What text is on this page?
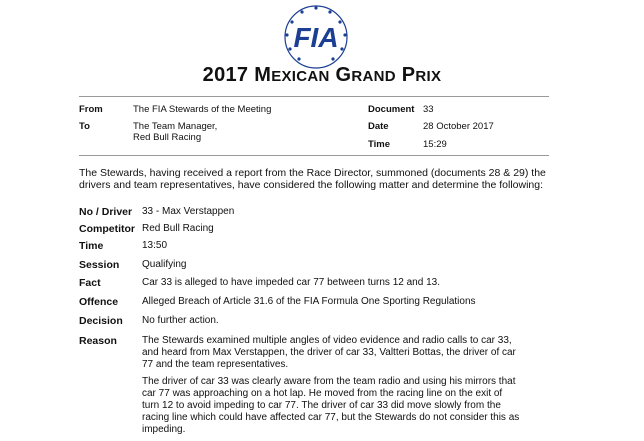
FIA
2017 MEXICAN GRAND PRIX
From	The FIA Stewards of the Meeting
To	The Team Manager,
Red Bull Racing
Document 33
Date	28 October 2017
Time	15:29
The Stewards, having received a report from the Race Director, summoned (documents 28 & 29) the drivers and team representatives, have considered the following matter and determine the following:
No / Driver 33 - Max Verstappen
Competitor Red Bull Racing
Time	13:50
Session Qualifying
Fact	Car 33 is alleged to have impeded car 77 between turns 12 and 13.
Offence Alleged Breach of Article 31.6 of the FIA Formula One Sporting Regulations
Decision No further action.
Reason	The Stewards examined multiple angles of video evidence and radio calls to car 33, and heard from Max Verstappen, the driver of car 33, Valtteri Bottas, the driver of car 77 and the team representatives.

The driver of car 33 was clearly aware from the team radio and using his mirrors that car 77 was approaching on a hot lap. He moved from the racing line on the exit of turn 12 to avoid impeding to car 77. The driver of car 33 did move slowly from the racing line which could have affected car 77, but the Stewards do not consider this as impeding.
